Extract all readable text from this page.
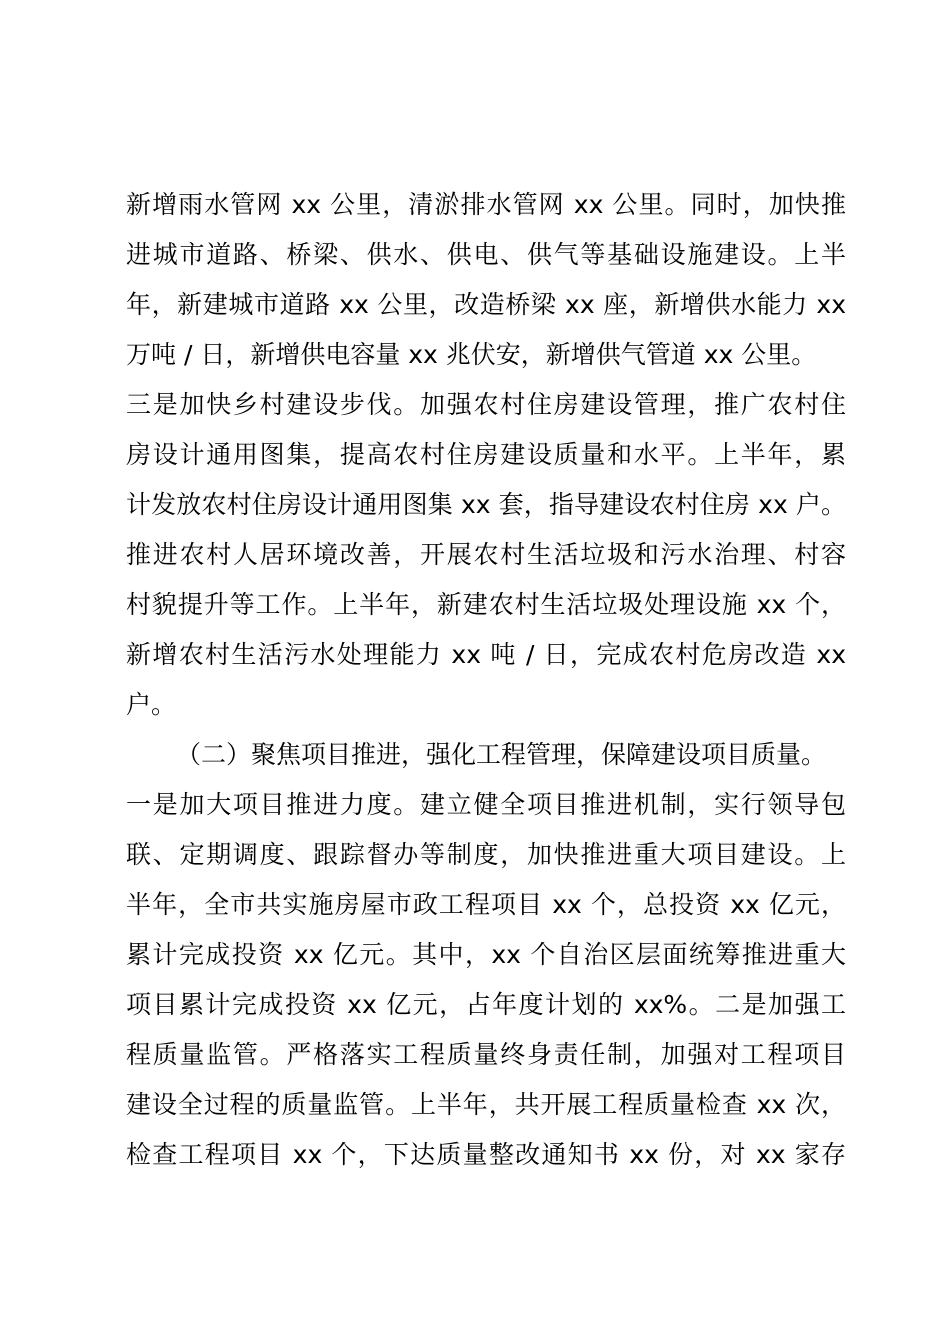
新增雨水管网 xx 公里，清淤排水管网 xx 公里。同时，加快推
进城市道路、桥梁、供水、供电、供气等基础设施建设。上半
年，新建城市道路 xx 公里，改造桥梁 xx 座，新增供水能力 xx
万吨 / 日，新增供电容量 xx 兆伏安，新增供气管道 xx 公里。
三是加快乡村建设步伐。加强农村住房建设管理，推广农村住
房设计通用图集，提高农村住房建设质量和水平。上半年，累
计发放农村住房设计通用图集 xx 套，指导建设农村住房 xx 户。
推进农村人居环境改善，开展农村生活垃圾和污水治理、村容
村貌提升等工作。上半年，新建农村生活垃圾处理设施 xx 个，
新增农村生活污水处理能力 xx 吨 / 日，完成农村危房改造 xx
户。
（二）聚焦项目推进，强化工程管理，保障建设项目质量。
一是加大项目推进力度。建立健全项目推进机制，实行领导包
联、定期调度、跟踪督办等制度，加快推进重大项目建设。上
半年，全市共实施房屋市政工程项目 xx 个，总投资 xx 亿元，
累计完成投资 xx 亿元。其中，xx 个自治区层面统筹推进重大
项目累计完成投资 xx 亿元，占年度计划的 xx%。二是加强工
程质量监管。严格落实工程质量终身责任制，加强对工程项目
建设全过程的质量监管。上半年，共开展工程质量检查 xx 次，
检查工程项目 xx 个，下达质量整改通知书 xx 份，对 xx 家存
